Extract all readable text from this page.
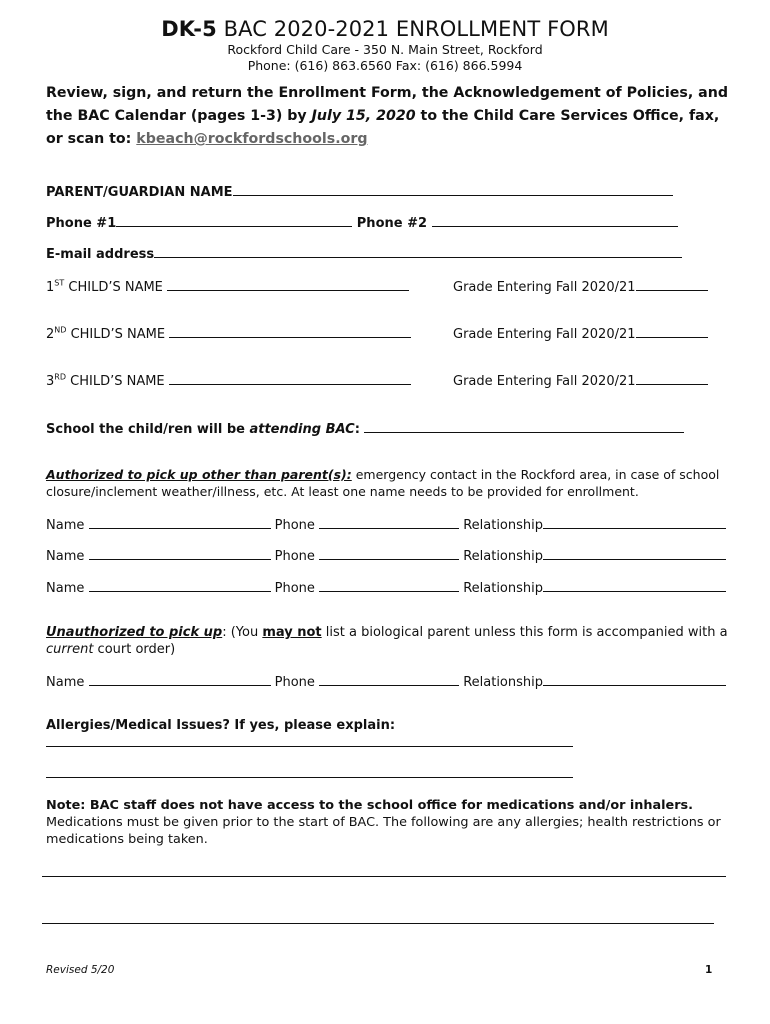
DK-5 BAC 2020-2021 ENROLLMENT FORM
Rockford Child Care - 350 N. Main Street, Rockford
Phone: (616) 863.6560 Fax: (616) 866.5994
Review, sign, and return the Enrollment Form, the Acknowledgement of Policies, and the BAC Calendar (pages 1-3) by July 15, 2020 to the Child Care Services Office, fax, or scan to: kbeach@rockfordschools.org
PARENT/GUARDIAN NAME
Phone #1	Phone #2
E-mail address
1ST CHILD’S NAME	Grade Entering Fall 2020/21
2ND CHILD’S NAME	Grade Entering Fall 2020/21
3RD CHILD’S NAME	Grade Entering Fall 2020/21
School the child/ren will be attending BAC:
Authorized to pick up other than parent(s): emergency contact in the Rockford area, in case of school closure/inclement weather/illness, etc. At least one name needs to be provided for enrollment.
Name	Phone	Relationship
Name	Phone	Relationship
Name	Phone	Relationship
Unauthorized to pick up: (You may not list a biological parent unless this form is accompanied with a current court order)
Name	Phone	Relationship
Allergies/Medical Issues? If yes, please explain:
Note: BAC staff does not have access to the school office for medications and/or inhalers.
Medications must be given prior to the start of BAC. The following are any allergies; health restrictions or medications being taken.
Revised 5/20	1
